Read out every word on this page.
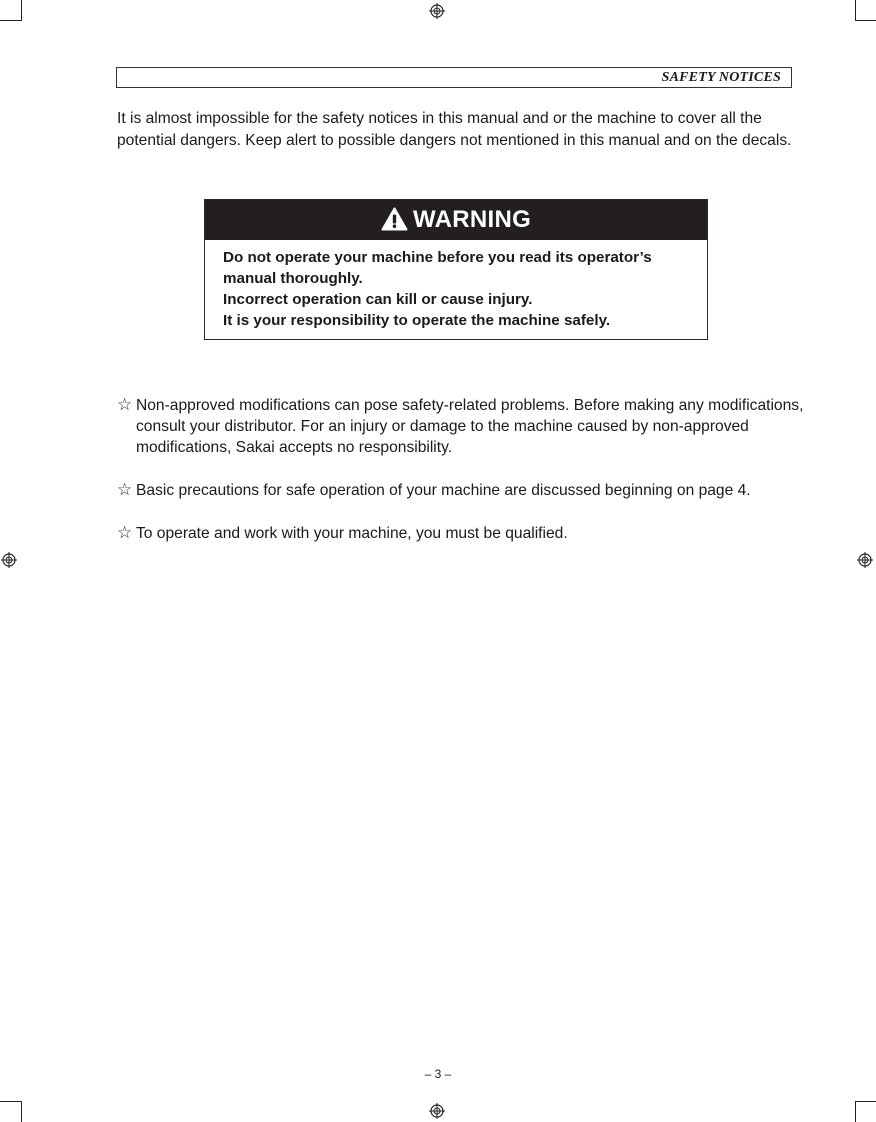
SAFETY NOTICES

It is almost impossible for the safety notices in this manual and or the machine to cover all the potential dangers. Keep alert to possible dangers not mentioned in this manual and on the decals.

WARNING
Do not operate your machine before you read its operator’s
manual thoroughly.
Incorrect operation can kill or cause injury.
It is your responsibility to operate the machine safely.
☆ Non-approved modifications can pose safety-related problems. Before making any modifications, consult your distributor. For an injury or damage to the machine caused by non-approved modifications, Sakai accepts no responsibility.
☆ Basic precautions for safe operation of your machine are discussed beginning on page 4.
☆ To operate and work with your machine, you must be qualified.
– 3 –
